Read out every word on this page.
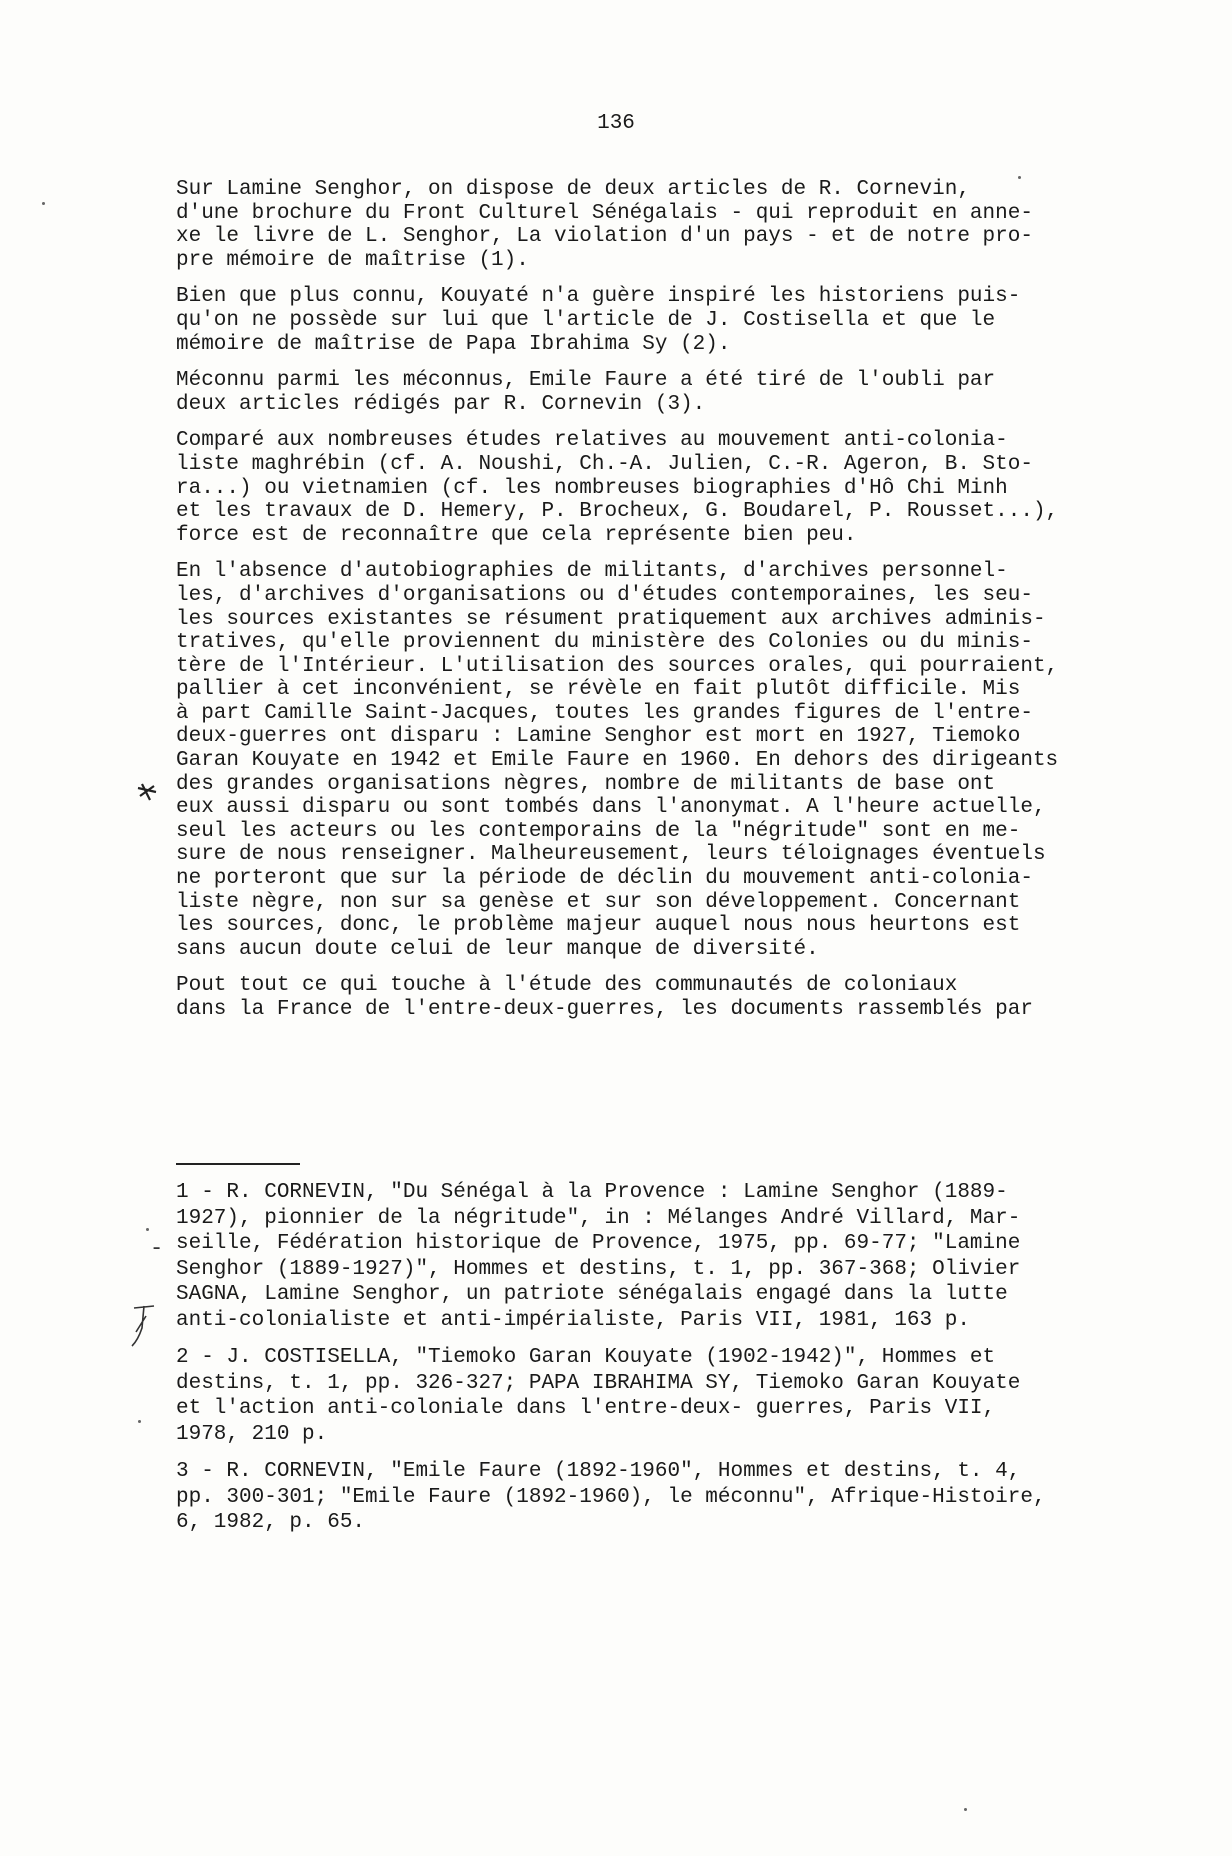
136

Sur Lamine Senghor, on dispose de deux articles de R. Cornevin,
d'une brochure du Front Culturel Sénégalais - qui reproduit en anne-
xe le livre de L. Senghor, La violation d'un pays - et de notre pro-
pre mémoire de maîtrise (1).

Bien que plus connu, Kouyaté n'a guère inspiré les historiens puis-
qu'on ne possède sur lui que l'article de J. Costisella et que le
mémoire de maîtrise de Papa Ibrahima Sy (2).

Méconnu parmi les méconnus, Emile Faure a été tiré de l'oubli par
deux articles rédigés par R. Cornevin (3).

Comparé aux nombreuses études relatives au mouvement anti-colonia-
liste maghrébin (cf. A. Noushi, Ch.-A. Julien, C.-R. Ageron, B. Sto-
ra...) ou vietnamien (cf. les nombreuses biographies d'Hô Chi Minh
et les travaux de D. Hemery, P. Brocheux, G. Boudarel, P. Rousset...),
force est de reconnaître que cela représente bien peu.

En l'absence d'autobiographies de militants, d'archives personnel-
les, d'archives d'organisations ou d'études contemporaines, les seu-
les sources existantes se résument pratiquement aux archives adminis-
tratives, qu'elle proviennent du ministère des Colonies ou du minis-
tère de l'Intérieur. L'utilisation des sources orales, qui pourraient,
pallier à cet inconvénient, se révèle en fait plutôt difficile. Mis
à part Camille Saint-Jacques, toutes les grandes figures de l'entre-
deux-guerres ont disparu : Lamine Senghor est mort en 1927, Tiemoko
Garan Kouyate en 1942 et Emile Faure en 1960. En dehors des dirigeants
des grandes organisations nègres, nombre de militants de base ont
eux aussi disparu ou sont tombés dans l'anonymat. A l'heure actuelle,
seul les acteurs ou les contemporains de la "négritude" sont en me-
sure de nous renseigner. Malheureusement, leurs téloignages éventuels
ne porteront que sur la période de déclin du mouvement anti-colonia-
liste nègre, non sur sa genèse et sur son développement. Concernant
les sources, donc, le problème majeur auquel nous nous heurtons est
sans aucun doute celui de leur manque de diversité.

Pout tout ce qui touche à l'étude des communautés de coloniaux
dans la France de l'entre-deux-guerres, les documents rassemblés par

1 - R. CORNEVIN, "Du Sénégal à la Provence : Lamine Senghor (1889-
1927), pionnier de la négritude", in : Mélanges André Villard, Mar-
seille, Fédération historique de Provence, 1975, pp. 69-77; "Lamine
Senghor (1889-1927)", Hommes et destins, t. 1, pp. 367-368; Olivier
SAGNA, Lamine Senghor, un patriote sénégalais engagé dans la lutte
anti-colonialiste et anti-impérialiste, Paris VII, 1981, 163 p.

2 - J. COSTISELLA, "Tiemoko Garan Kouyate (1902-1942)", Hommes et
destins, t. 1, pp. 326-327; PAPA IBRAHIMA SY, Tiemoko Garan Kouyate
et l'action anti-coloniale dans l'entre-deux- guerres, Paris VII,
1978, 210 p.

3 - R. CORNEVIN, "Emile Faure (1892-1960", Hommes et destins, t. 4,
pp. 300-301; "Emile Faure (1892-1960), le méconnu", Afrique-Histoire,
6, 1982, p. 65.

-
